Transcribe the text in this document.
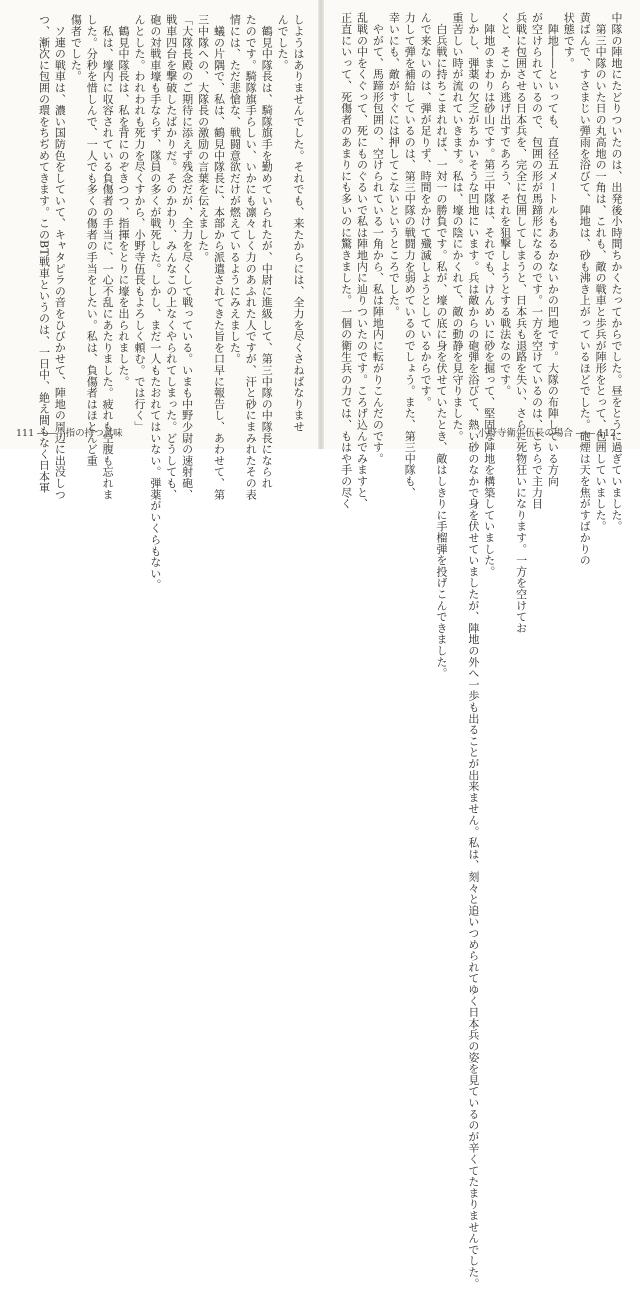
しようはありませんでした。それでも、来たからには、全力を尽くさねばなりませ
んでした。
　鶴見中隊長は、騎隊旗手を勤めていられたが、中尉に進級して、第三中隊の中隊長になられ
たのです。騎隊旗手らしい、いかにも凛々しく力のあふれた人ですが、汗と砂にまみれたその表
情には、ただ悲愴な、戦闘意欲だけが燃えているようにみえました。
　蟻の片隅で、私は、鶴見中隊長に、本部から派遣されてきた旨を口早に報告し、あわせて、第
三中隊への、大隊長の激励の言葉を伝えました。
「大隊長殿のご期待に添えず残念だが、全力を尽くして戦っている。いまも中野少尉の速射砲、
戦車四台を撃破したばかりだ。そのかわり、みんなこの上なくやられてしまった。どうしても、
砲の対戦車壕も手ならず、隊員の多くが戦死した。しかし、まだ一人もたおれてはいない。弾薬がいくらもない。
んとした。われわれも死力を尽くすから、小野寺伍長もよろしく頼む。では行く」
　鶴見中隊長は、私を背にのぞきつつ、指揮をとりに壕を出られました。
　私は、壕内に収容されている負傷者の手当に、一心不乱にあたりました。疲れも空腹も忘れま
した。分秒を惜しんで、一人でも多くの傷者の手当をしたい。私は、負傷者はほとんど重
傷者でした。
　ソ連の戦車は、濃い国防色をしていて、キャタピラの音をひびかせて、陣地の周辺に出没しつ
つ、漸次に包囲の環をちぢめてきます。このBT戦車というのは、一日中、絶え間もなく日本軍
111 ――小指の持つ意味	中隊の陣地にたどりついたのは、出発後小時間ちかくたってからでした。昼をとうに過ぎていました。
　第三中隊のいた日の丸高地の一角は、これも、敵の戦車と歩兵が陣形をとって、包囲していました。
黄ばんで、すさまじい弾雨を浴びて、陣地は、砂も沸き上がっているほどでした。砲煙は天を焦がすばかりの
状態です。
　陣地――といっても、直径五メートルもあるかないかの凹地です。大隊の布陣している方向
が空けられているので、包囲の形が馬蹄形になるのです。一方を空けているのは、こちらで主力目
兵戦に包囲させる日本兵を、完全に包囲してしまうと、日本兵も退路を失い、さらに死物狂いになります。一方を空けてお
くと、そこから逃げ出すであろう、それを狙撃しようとする戦法なのです。
　陣地のまわりは砂山です。第三中隊は、それでも、けんめいに砂を掘って、堅固な陣地を構築していました。
しかし、弾薬の欠乏がちかいそうな凹地にいます。兵は敵からの砲弾を浴びて、熱い砂のなかで身を伏せていましたが、陣地の外へ一歩も出ることが出来ません。私は、刻々と追いつめられてゆく日本兵の姿を見ているのが辛くてたまりませんでした。
重苦しい時が流れていきます。私は、壕の陰にかくれて、敵の動静を見守りました。
　白兵戦に持ちこまれれば、一対一の勝負です。私が、壕の底に身を伏せていたとき、敵はしきりに手榴弾を投げこんできました。
んで来ないのは、弾が足りず、時間をかけて殲滅しようとしているからです。
力して弾を補給しているのは、第三中隊の戦闘力を弱めているのでしょう。また、第三中隊も、
幸いにも、敵がすぐには押してこないというところでした。
　やがて、馬蹄形包囲の、空けられている一角から、私は陣地内に転がりこんだのです。
乱戦の中をくぐって、死にものぐるいで私は陣地内に辿りついたのです。ころげ込んでみますと、
正直にいって、死傷者のあまりにも多いのに驚きました。一個の衛生兵の力では、もはや手の尽く	小野寺衛生伍長の場合 ―― 112
